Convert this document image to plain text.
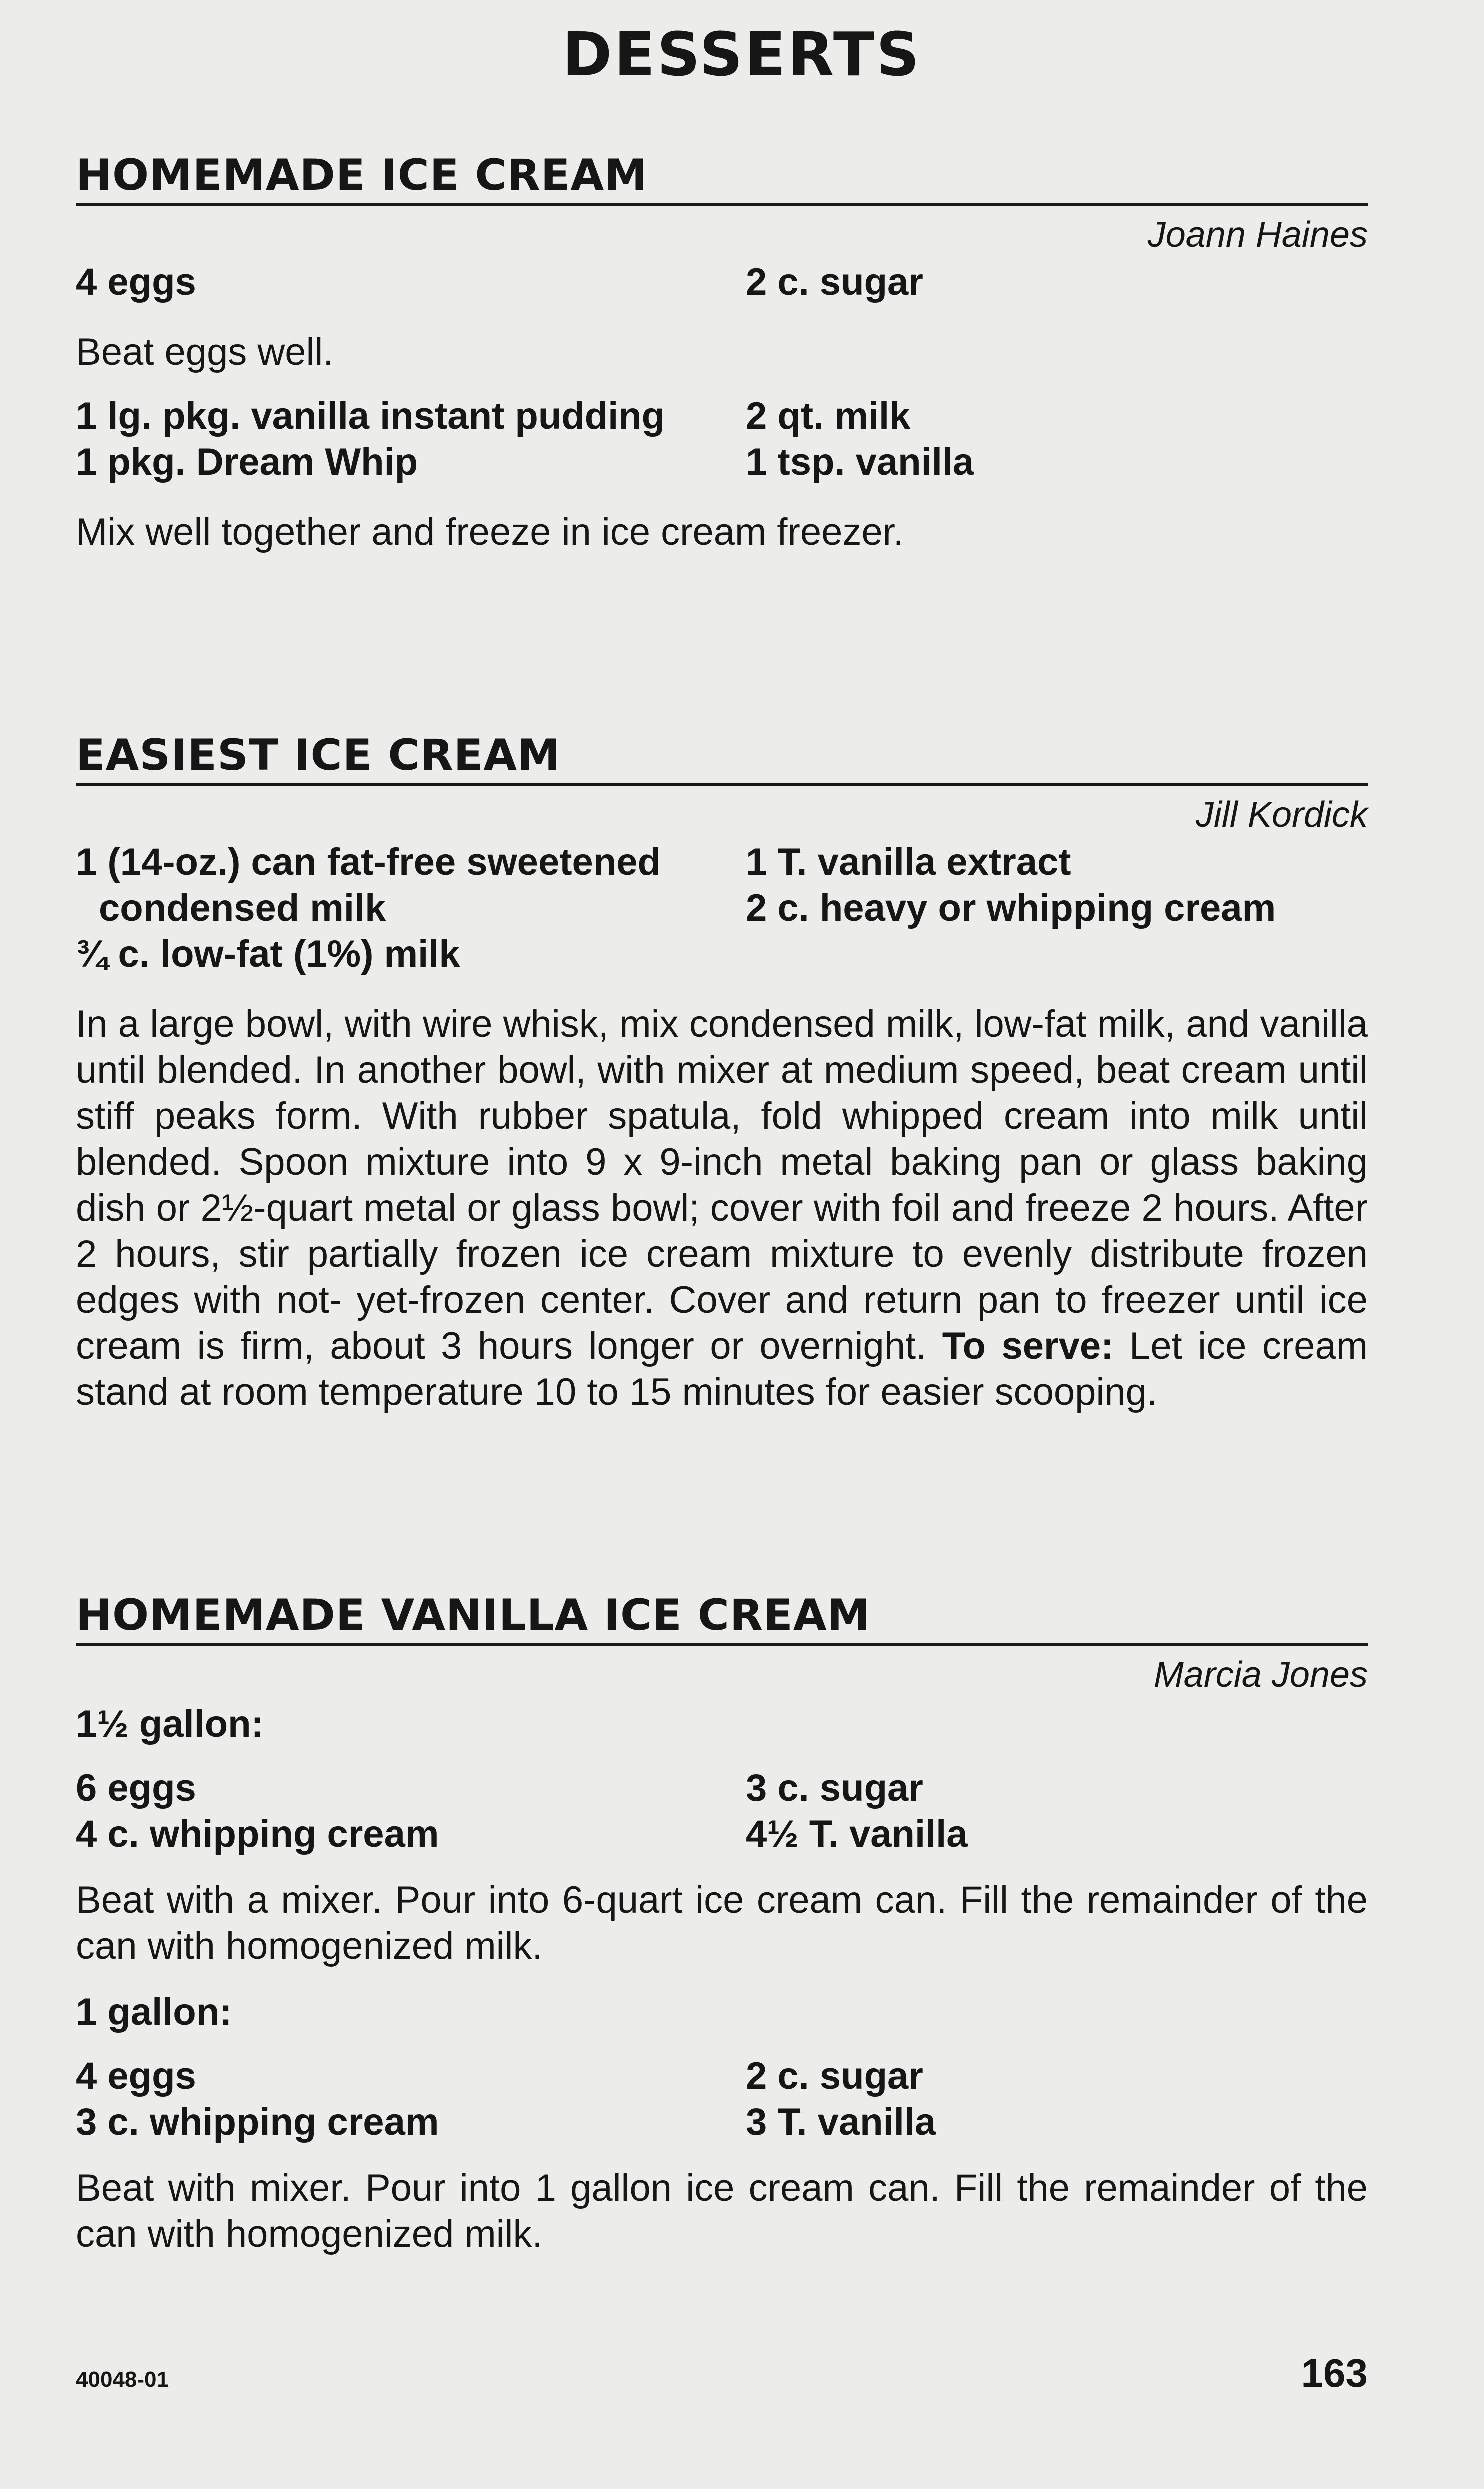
DESSERTS
HOMEMADE ICE CREAM
Joann Haines
4 eggs	2 c. sugar
Beat eggs well.
1 lg. pkg. vanilla instant pudding
1 pkg. Dream Whip
2 qt. milk
1 tsp. vanilla
Mix well together and freeze in ice cream freezer.
EASIEST ICE CREAM
Jill Kordick
1 (14-oz.) can fat-free sweetened condensed milk
¾ c. low-fat (1%) milk
1 T. vanilla extract
2 c. heavy or whipping cream
In a large bowl, with wire whisk, mix condensed milk, low-fat milk, and vanilla until blended. In another bowl, with mixer at medium speed, beat cream until stiff peaks form. With rubber spatula, fold whipped cream into milk until blended. Spoon mixture into 9 x 9-inch metal baking pan or glass baking dish or 2½-quart metal or glass bowl; cover with foil and freeze 2 hours. After 2 hours, stir partially frozen ice cream mixture to evenly distribute frozen edges with not- yet-frozen center. Cover and return pan to freezer until ice cream is firm, about 3 hours longer or overnight. To serve: Let ice cream stand at room temperature 10 to 15 minutes for easier scooping.
HOMEMADE VANILLA ICE CREAM
Marcia Jones
1½ gallon:
6 eggs
4 c. whipping cream
3 c. sugar
4½ T. vanilla
Beat with a mixer. Pour into 6-quart ice cream can. Fill the remainder of the can with homogenized milk.
1 gallon:
4 eggs
3 c. whipping cream
2 c. sugar
3 T. vanilla
Beat with mixer. Pour into 1 gallon ice cream can. Fill the remainder of the can with homogenized milk.
40048-01	163
